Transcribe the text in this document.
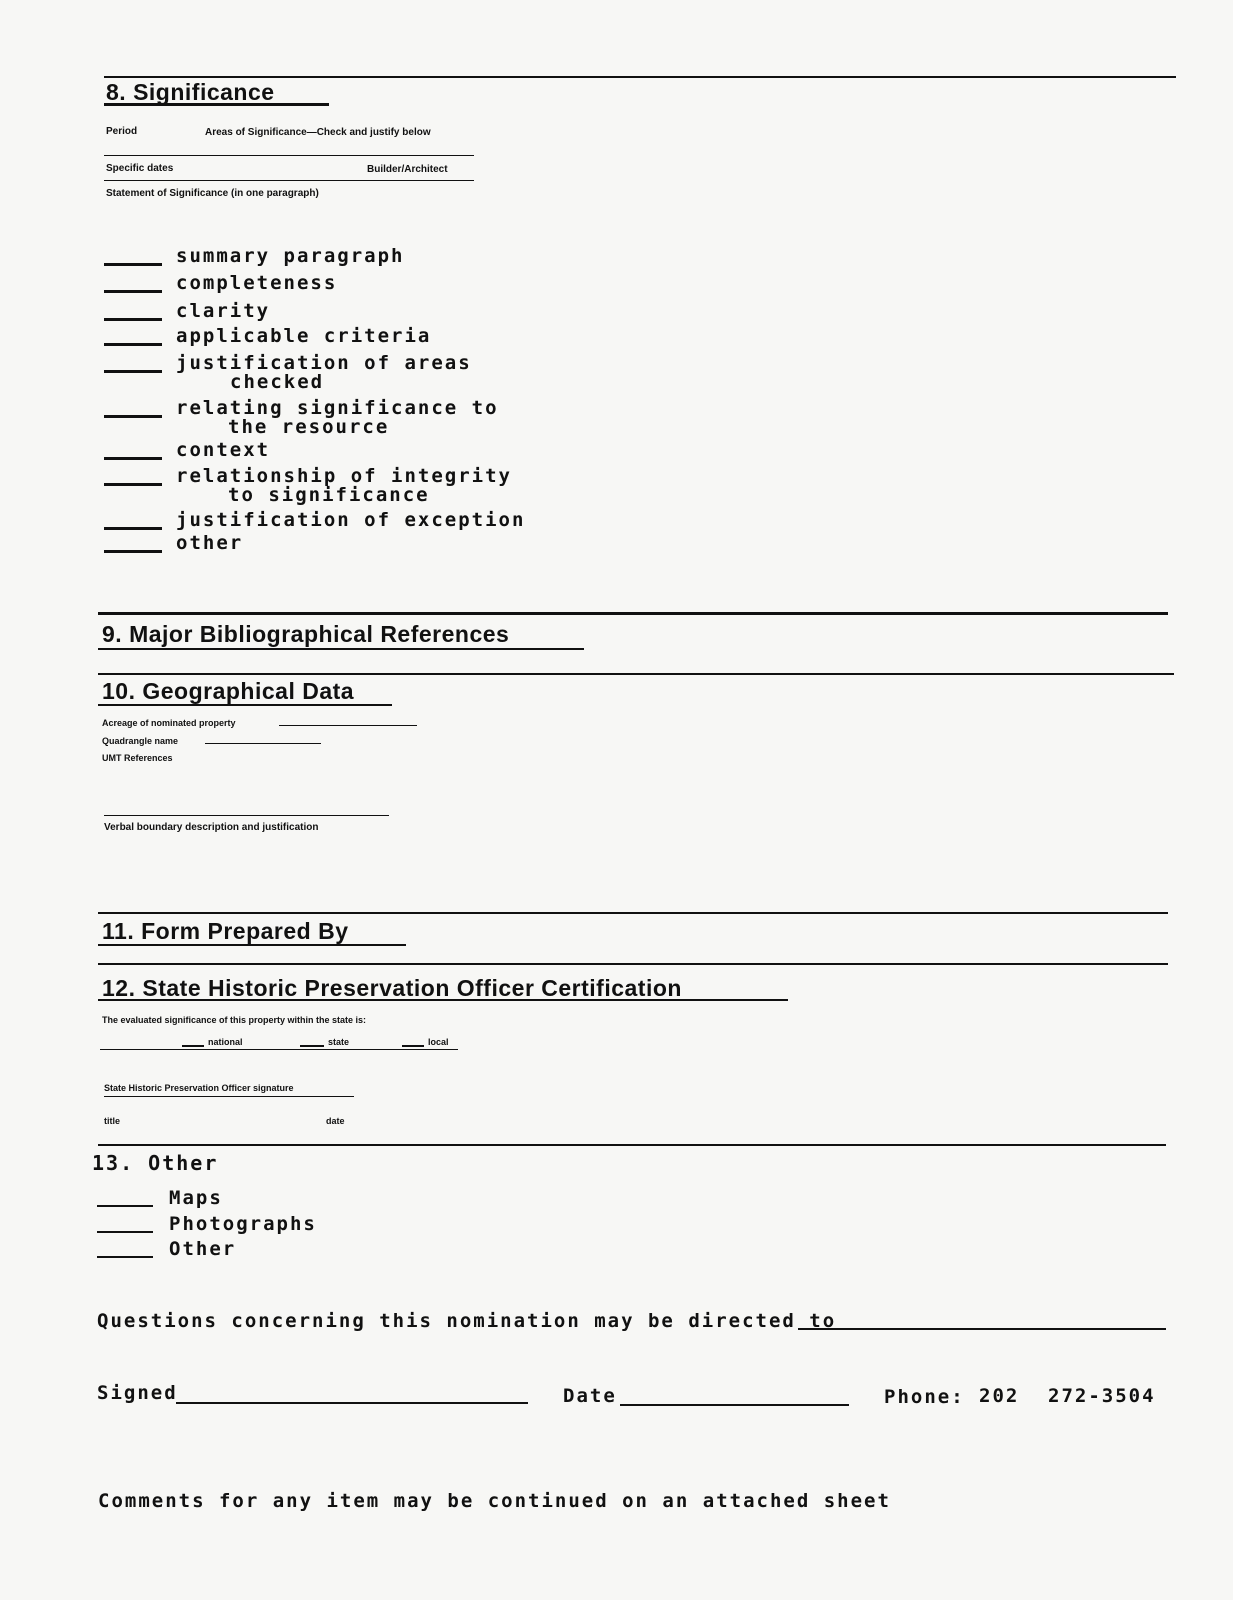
8. Significance
Period	Areas of Significance—Check and justify below
Specific dates	Builder/Architect
Statement of Significance (in one paragraph)
summary paragraph
completeness
clarity
applicable criteria
justification of areas
checked
relating significance to
the resource
context
relationship of integrity
to significance
justification of exception
other
9. Major Bibliographical References
10. Geographical Data
Acreage of nominated property
Quadrangle name
UMT References
Verbal boundary description and justification
11. Form Prepared By
12. State Historic Preservation Officer Certification
The evaluated significance of this property within the state is:
national	state	local
State Historic Preservation Officer signature
title	date
13. Other
Maps
Photographs
Other
Questions concerning this nomination may be directed to
Signed	Date	Phone: 202 272-3504
Comments for any item may be continued on an attached sheet
